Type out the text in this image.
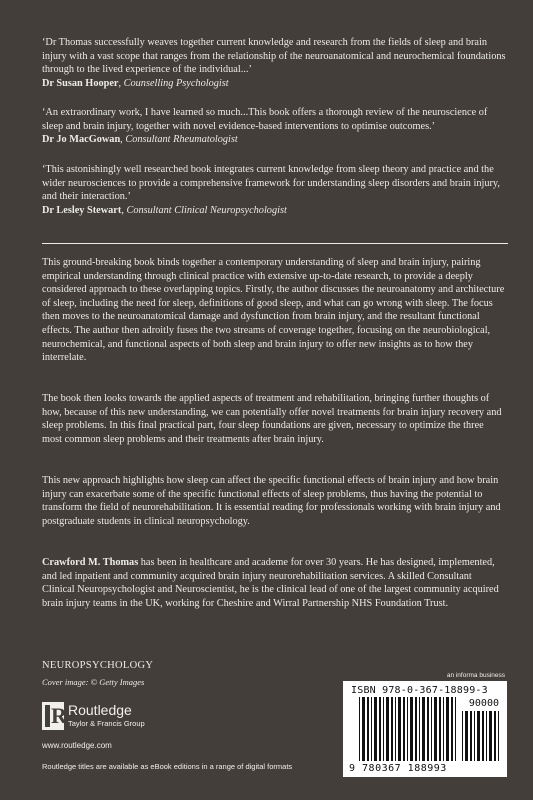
‘Dr Thomas successfully weaves together current knowledge and research from the fields of sleep and brain injury with a vast scope that ranges from the relationship of the neuroanatomical and neurochemical foundations through to the lived experience of the individual...’

Dr Susan Hooper, Counselling Psychologist

‘An extraordinary work, I have learned so much...This book offers a thorough review of the neuroscience of sleep and brain injury, together with novel evidence-based interventions to optimise outcomes.’

Dr Jo MacGowan, Consultant Rheumatologist

‘This astonishingly well researched book integrates current knowledge from sleep theory and practice and the wider neurosciences to provide a comprehensive framework for understanding sleep disorders and brain injury, and their interaction.’

Dr Lesley Stewart, Consultant Clinical Neuropsychologist

This ground-breaking book binds together a contemporary understanding of sleep and brain injury, pairing empirical understanding through clinical practice with extensive up-to-date research, to provide a deeply considered approach to these overlapping topics. Firstly, the author discusses the neuroanatomy and architecture of sleep, including the need for sleep, definitions of good sleep, and what can go wrong with sleep. The focus then moves to the neuroanatomical damage and dysfunction from brain injury, and the resultant functional effects. The author then adroitly fuses the two streams of coverage together, focusing on the neurobiological, neurochemical, and functional aspects of both sleep and brain injury to offer new insights as to how they interrelate.

The book then looks towards the applied aspects of treatment and rehabilitation, bringing further thoughts of how, because of this new understanding, we can potentially offer novel treatments for brain injury recovery and sleep problems. In this final practical part, four sleep foundations are given, necessary to optimize the three most common sleep problems and their treatments after brain injury.

This new approach highlights how sleep can affect the specific functional effects of brain injury and how brain injury can exacerbate some of the specific functional effects of sleep problems, thus having the potential to transform the field of neurorehabilitation. It is essential reading for professionals working with brain injury and postgraduate students in clinical neuropsychology.

Crawford M. Thomas has been in healthcare and academe for over 30 years. He has designed, implemented, and led inpatient and community acquired brain injury neurorehabilitation services. A skilled Consultant Clinical Neuropsychologist and Neuroscientist, he is the clinical lead of one of the largest community acquired brain injury teams in the UK, working for Cheshire and Wirral Partnership NHS Foundation Trust.

NEUROPSYCHOLOGY
Cover image: © Getty Images
R Routledge
Taylor & Francis Group
www.routledge.com
Routledge titles are available as eBook editions in a range of digital formats
an informa business
ISBN 978-0-367-18899-3
90000
9 780367 188993
